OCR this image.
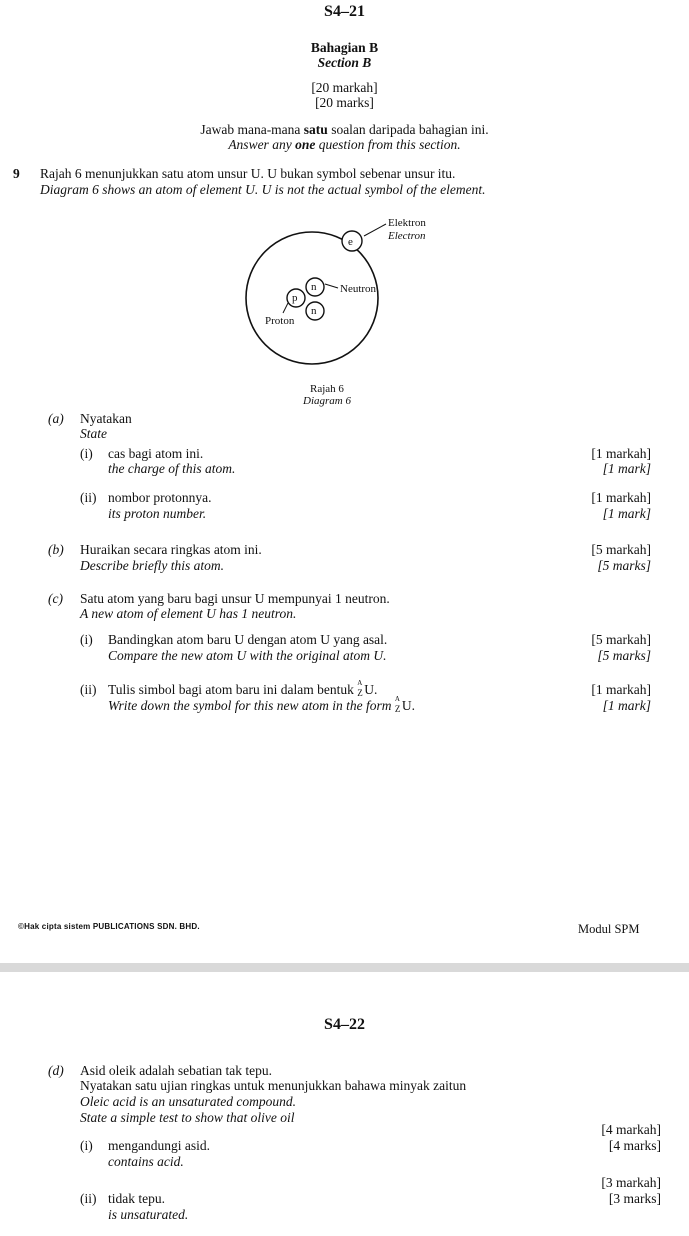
S4–21
Bahagian B
Section B
[20 markah]
[20 marks]
Jawab mana-mana satu soalan daripada bahagian ini.
Answer any one question from this section.
9 Rajah 6 menunjukkan satu atom unsur U. U bukan symbol sebenar unsur itu.
Diagram 6 shows an atom of element U. U is not the actual symbol of the element.
e
n
p
n
Elektron
Electron
Neutron
Proton
Rajah 6
Diagram 6
(a) Nyatakan
State
(i) cas bagi atom ini.
the charge of this atom.
[1 markah]
[1 mark]
(ii) nombor protonnya.
its proton number.
[1 markah]
[1 mark]
(b) Huraikan secara ringkas atom ini.
Describe briefly this atom.
[5 markah]
[5 marks]
(c) Satu atom yang baru bagi unsur U mempunyai 1 neutron.
A new atom of element U has 1 neutron.
(i) Bandingkan atom baru U dengan atom U yang asal.
Compare the new atom U with the original atom U.
[5 markah]
[5 marks]
(ii) Tulis simbol bagi atom baru ini dalam bentuk A
Z U.
Write down the symbol for this new atom in the form A
Z U.
[1 markah]
[1 mark]
©Hak cipta sistem PUBLICATIONS SDN. BHD.	Modul SPM
S4–22
(d) Asid oleik adalah sebatian tak tepu.
Nyatakan satu ujian ringkas untuk menunjukkan bahawa minyak zaitun
Oleic acid is an unsaturated compound.
State a simple test to show that olive oil
[4 markah]
[4 marks]
(i) mengandungi asid.
contains acid.
[3 markah]
[3 marks]
(ii) tidak tepu.
is unsaturated.
